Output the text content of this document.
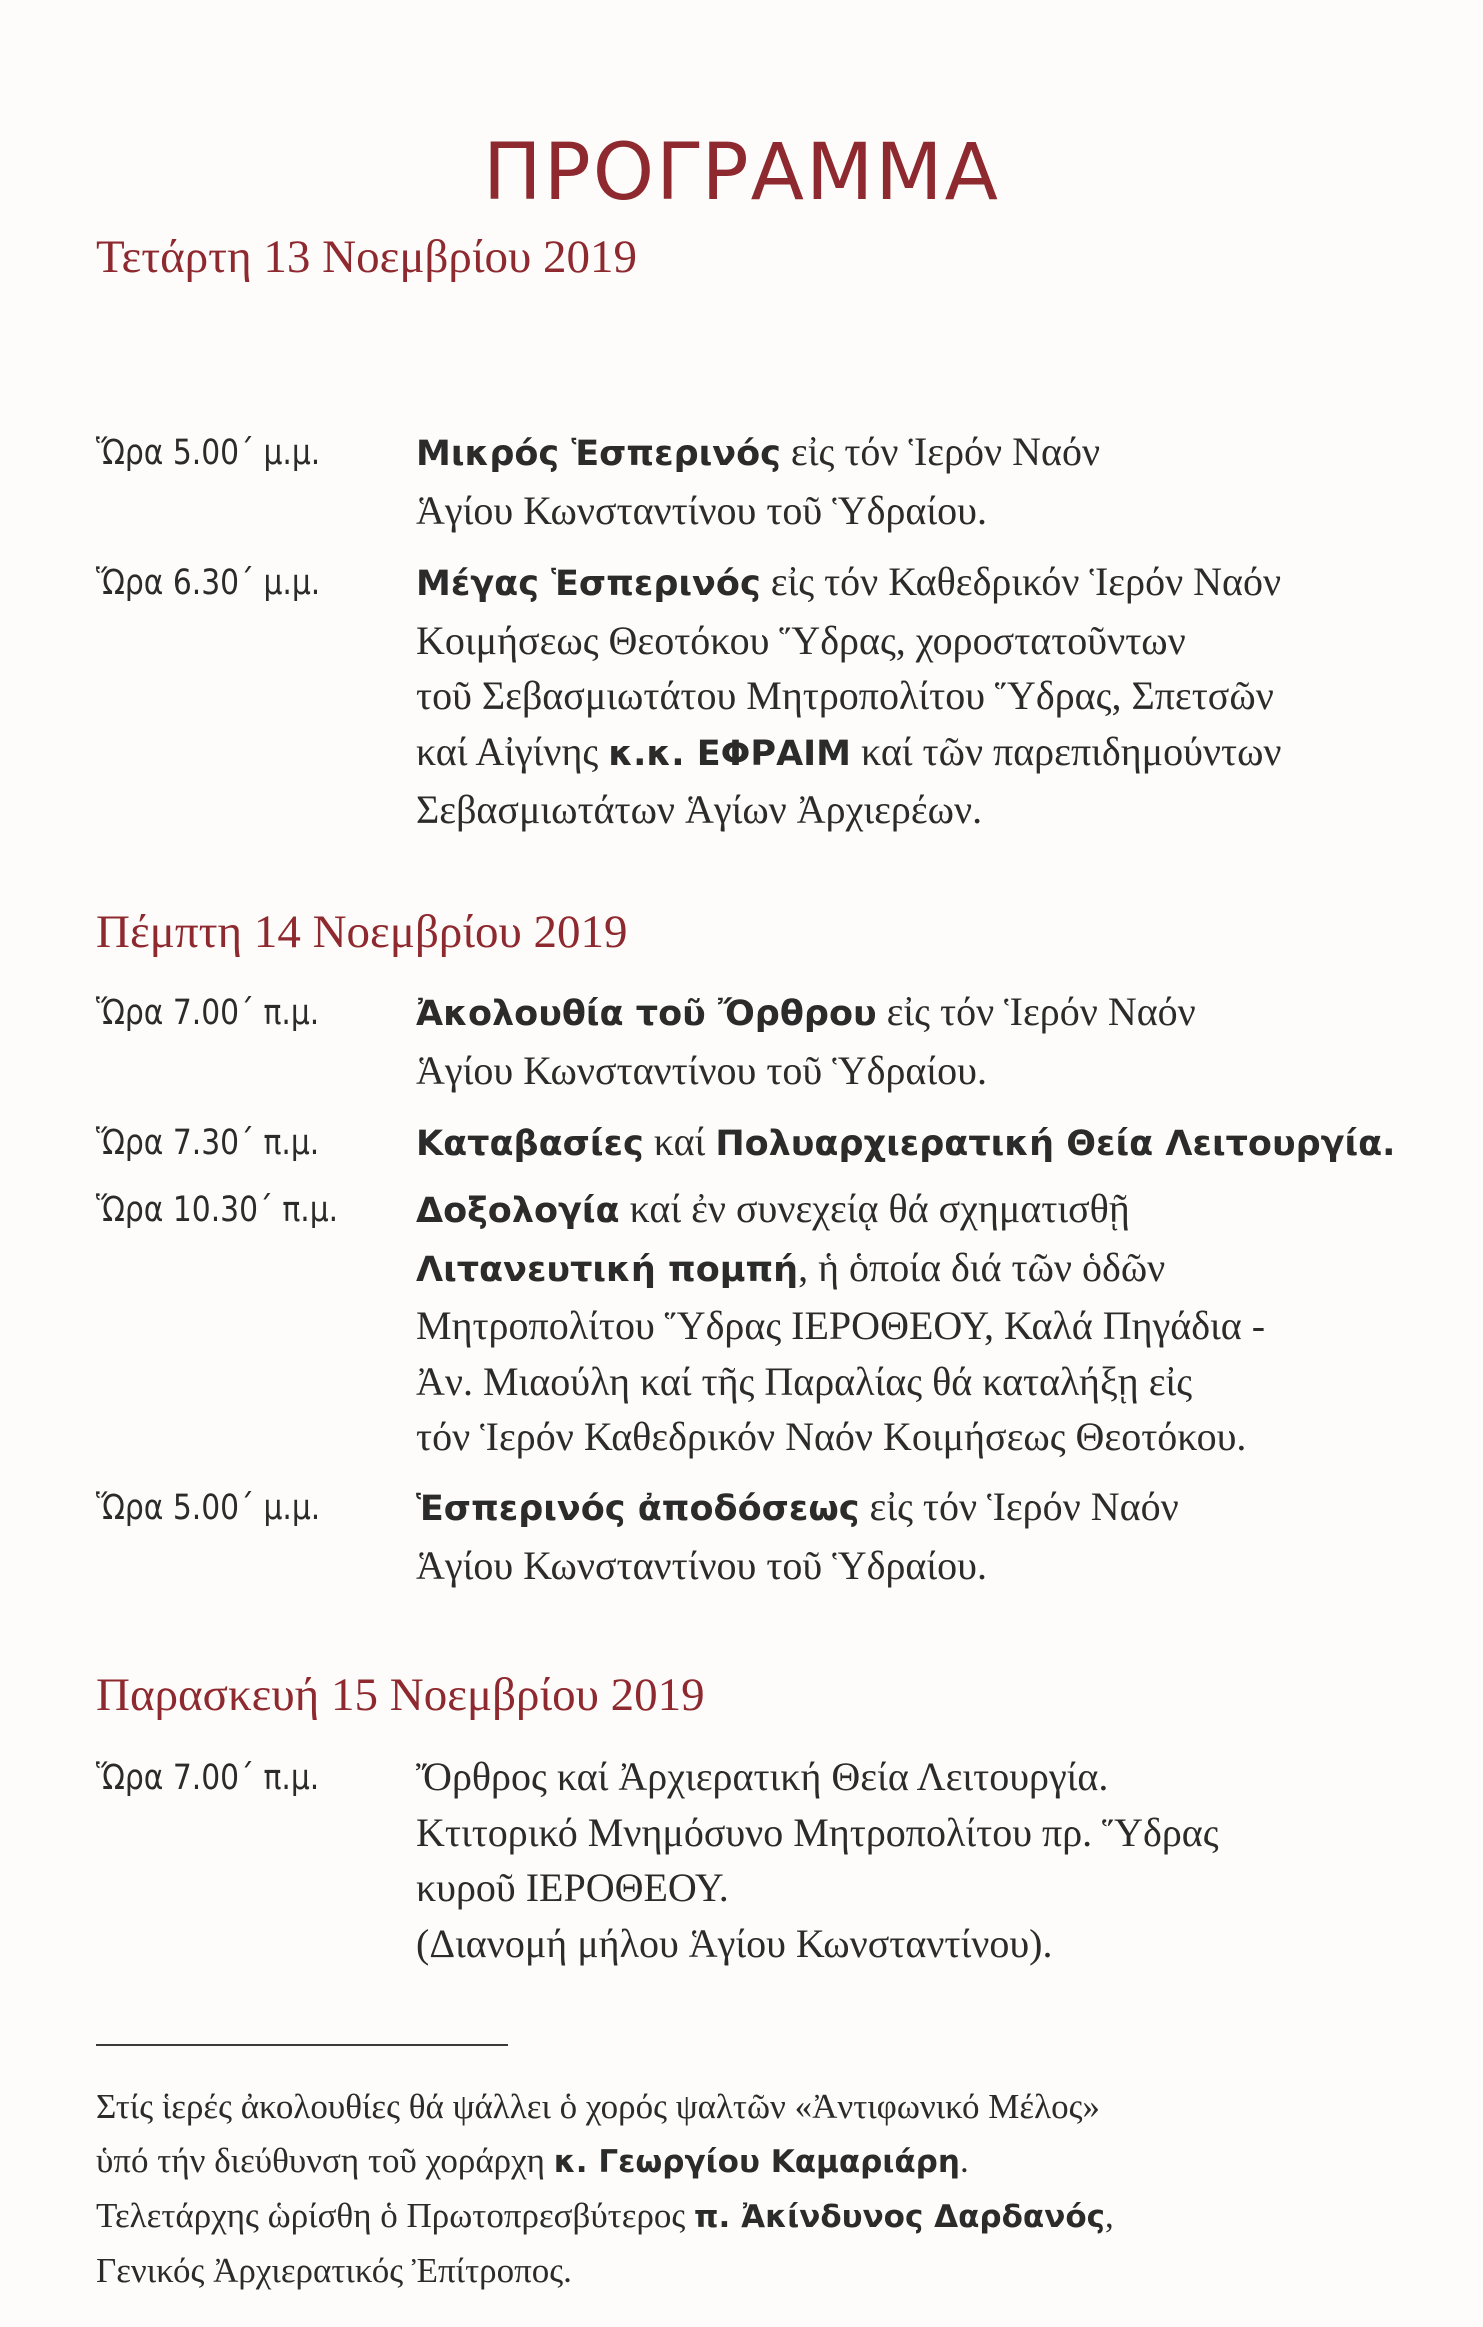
ΠΡΟΓΡΑΜΜΑ
Τετάρτη 13 Νοεμβρίου 2019
Ὥρα 5.00΄ μ.μ.	Μικρός Ἑσπερινός εἰς τόν Ἱερόν Ναόν
Ἁγίου Κωνσταντίνου τοῦ Ὑδραίου.
Ὥρα 6.30΄ μ.μ.	Μέγας Ἑσπερινός εἰς τόν Καθεδρικόν Ἱερόν Ναόν
Κοιμήσεως Θεοτόκου Ὕδρας, χοροστατοῦντων
τοῦ Σεβασμιωτάτου Μητροπολίτου Ὕδρας, Σπετσῶν
καί Αἰγίνης κ.κ. ΕΦΡΑΙΜ καί τῶν παρεπιδημούντων
Σεβασμιωτάτων Ἁγίων Ἀρχιερέων.
Πέμπτη 14 Νοεμβρίου 2019
Ὥρα 7.00΄ π.μ.	Ἀκολουθία τοῦ Ὄρθρου εἰς τόν Ἱερόν Ναόν
Ἁγίου Κωνσταντίνου τοῦ Ὑδραίου.
Ὥρα 7.30΄ π.μ.	Καταβασίες καί Πολυαρχιερατική Θεία Λειτουργία.
Ὥρα 10.30΄ π.μ. Δοξολογία καί ἐν συνεχείᾳ θά σχηματισθῇ
Λιτανευτική πομπή, ἡ ὁποία διά τῶν ὁδῶν
Μητροπολίτου Ὕδρας ΙΕΡΟΘΕΟΥ, Καλά Πηγάδια -
Ἀν. Μιαούλη καί τῆς Παραλίας θά καταλήξῃ εἰς
τόν Ἱερόν Καθεδρικόν Ναόν Κοιμήσεως Θεοτόκου.
Ὥρα 5.00΄ μ.μ.	Ἑσπερινός ἀποδόσεως εἰς τόν Ἱερόν Ναόν
Ἁγίου Κωνσταντίνου τοῦ Ὑδραίου.
Παρασκευή 15 Νοεμβρίου 2019
Ὥρα 7.00΄ π.μ. Ὄρθρος καί Ἀρχιερατική Θεία Λειτουργία.
Κτιτορικό Μνημόσυνο Μητροπολίτου πρ. Ὕδρας
κυροῦ ΙΕΡΟΘΕΟΥ.
(Διανομή μήλου Ἁγίου Κωνσταντίνου).
Στίς ἱερές ἀκολουθίες θά ψάλλει ὁ χορός ψαλτῶν «Ἀντιφωνικό Μέλος»
ὑπό τήν διεύθυνση τοῦ χοράρχη κ. Γεωργίου Καμαριάρη.
Τελετάρχης ὡρίσθη ὁ Πρωτοπρεσβύτερος π. Ἀκίνδυνος Δαρδανός,
Γενικός Ἀρχιερατικός Ἐπίτροπος.
